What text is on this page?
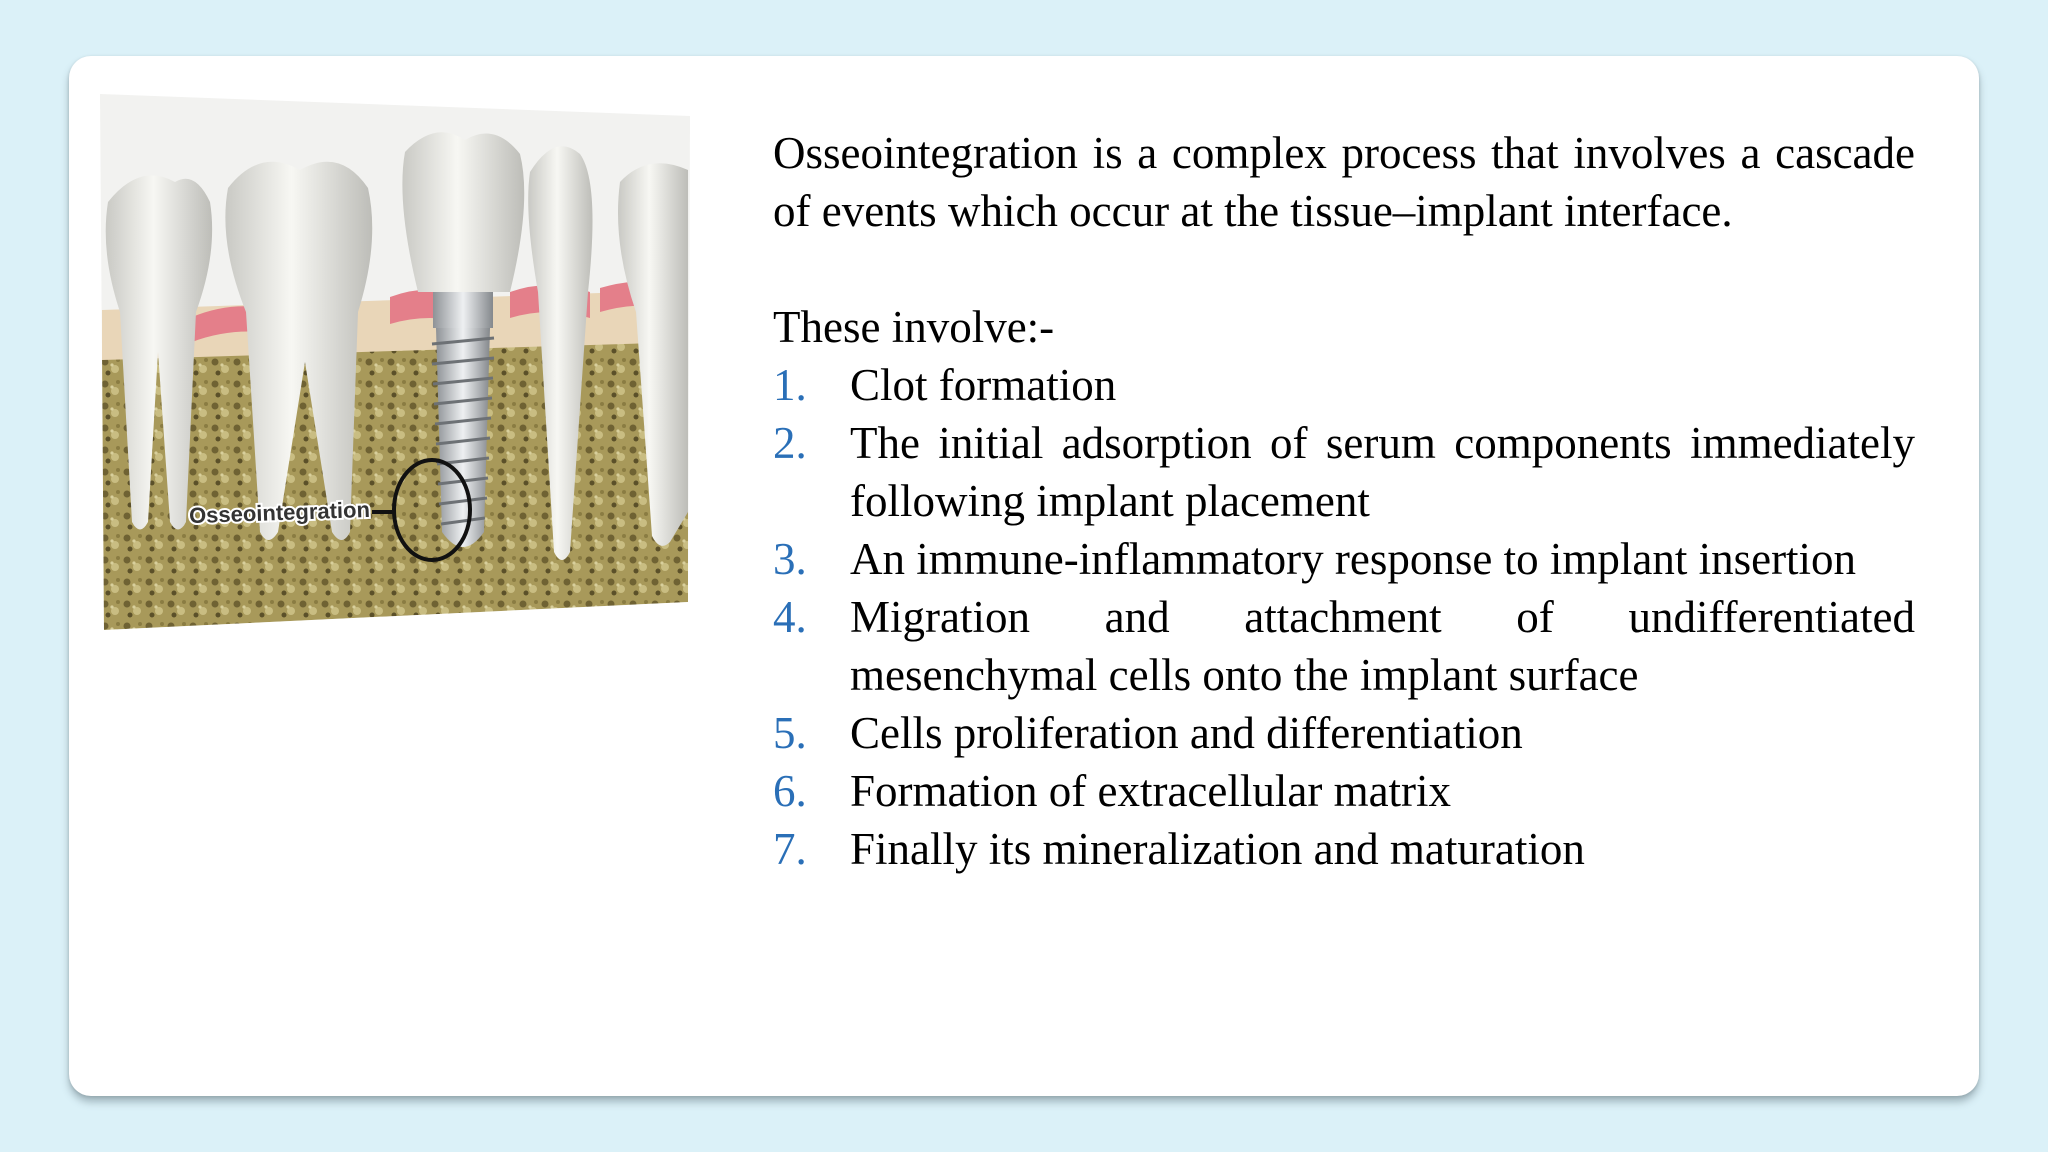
Osseointegration

Osseointegration is a complex process that involves a cascade of events which occur at the tissue–implant interface.

These involve:-

1. Clot formation
2. The initial adsorption of serum components immediately following implant placement
3. An immune-inflammatory response to implant insertion
4. Migration and attachment of undifferentiated mesenchymal cells onto the implant surface
5. Cells proliferation and differentiation
6. Formation of extracellular matrix
7. Finally its mineralization and maturation
